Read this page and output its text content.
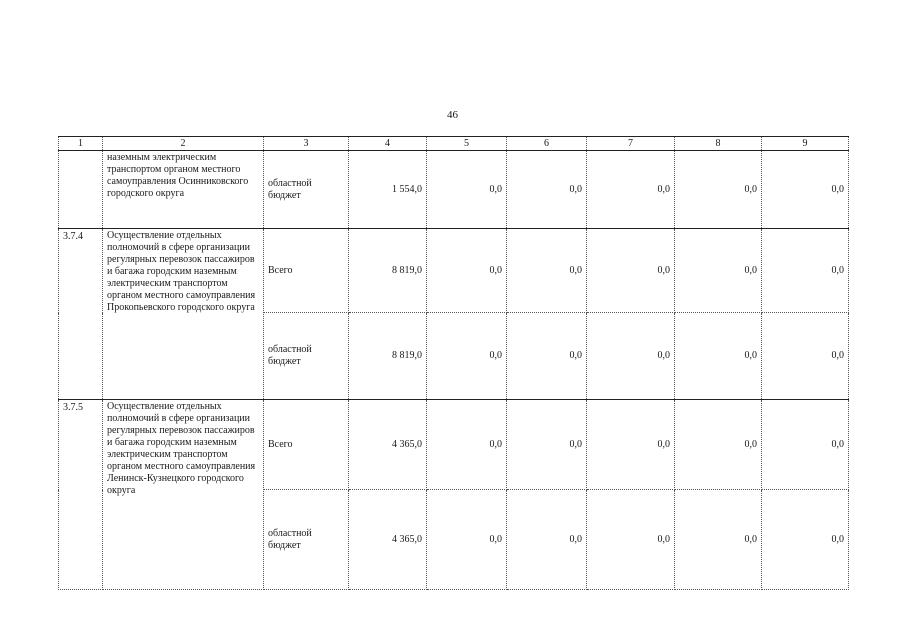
46
1	2	3	4	5	6	7	8	9
	наземным электрическим транспортом органом местного самоуправления Осинниковского городского округа	областной бюджет	1 554,0	0,0	0,0	0,0	0,0	0,0
3.7.4	Осуществление отдельных полномочий в сфере организации регулярных перевозок пассажиров и багажа городским наземным электрическим транспортом органом местного самоуправления Прокопьевского городского округа	Всего	8 819,0	0,0	0,0	0,0	0,0	0,0
		областной бюджет	8 819,0	0,0	0,0	0,0	0,0	0,0
3.7.5	Осуществление отдельных полномочий в сфере организации регулярных перевозок пассажиров и багажа городским наземным электрическим транспортом органом местного самоуправления Ленинск-Кузнецкого городского округа	Всего	4 365,0	0,0	0,0	0,0	0,0	0,0
		областной бюджет	4 365,0	0,0	0,0	0,0	0,0	0,0
